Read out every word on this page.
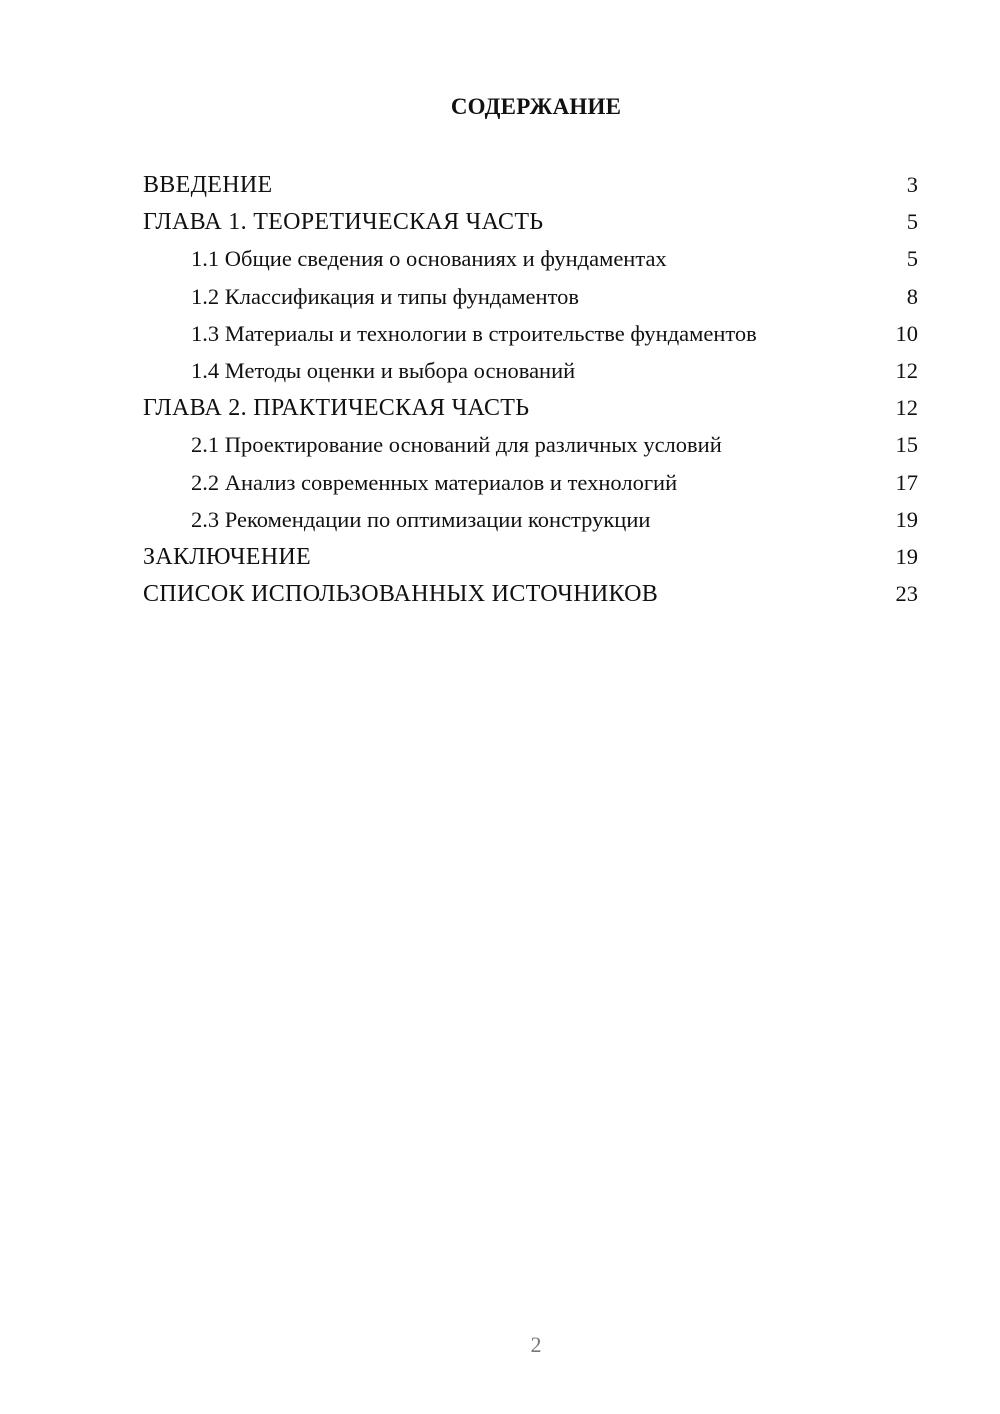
СОДЕРЖАНИЕ
ВВЕДЕНИЕ	3
ГЛАВА 1. ТЕОРЕТИЧЕСКАЯ ЧАСТЬ	5
1.1 Общие сведения о основаниях и фундаментах	5
1.2 Классификация и типы фундаментов	8
1.3 Материалы и технологии в строительстве фундаментов	10
1.4 Методы оценки и выбора оснований	12
ГЛАВА 2. ПРАКТИЧЕСКАЯ ЧАСТЬ	12
2.1 Проектирование оснований для различных условий	15
2.2 Анализ современных материалов и технологий	17
2.3 Рекомендации по оптимизации конструкции	19
ЗАКЛЮЧЕНИЕ	19
СПИСОК ИСПОЛЬЗОВАННЫХ ИСТОЧНИКОВ	23
2
